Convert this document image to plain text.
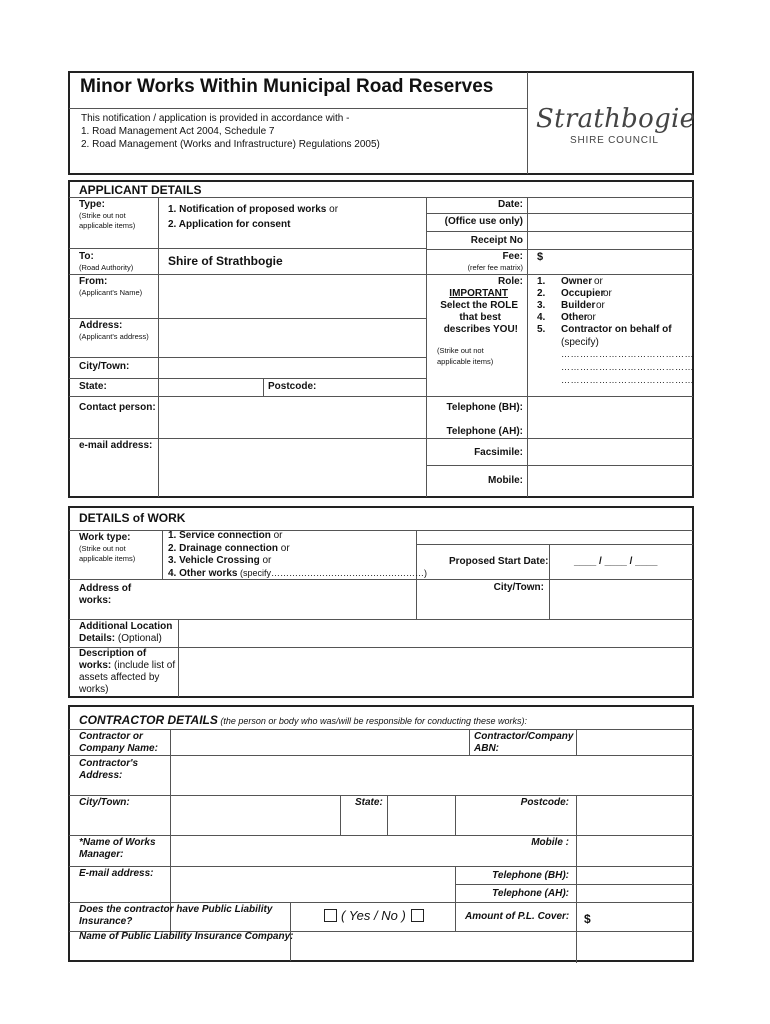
Minor Works Within Municipal Road Reserves
This notification / application is provided in accordance with -
1. Road Management Act 2004, Schedule 7
2. Road Management (Works and Infrastructure) Regulations 2005)
Strathbogie
SHIRE COUNCIL
APPLICANT DETAILS
Type:
(Strike out not
applicable items)
1. Notification of proposed works or
2. Application for consent
Date:
(Office use only)
Receipt No
To:
(Road Authority)	Shire of Strathbogie	Fee:
(refer fee matrix)
$
From:
(Applicant's Name)
Role:
IMPORTANT
Select the ROLE
that best
describes YOU!
(Strike out not
applicable items)
1. Owner or
2. Occupier
or
3. Builder or
4. Other or
5. Contractor on behalf of
(specify)
……………………………………
……………………………………
……………………………………
Address:
(Applicant's address)
City/Town:
State:	Postcode:
Contact person:	Telephone (BH):
Telephone (AH):
e-mail address:
Facsimile:
Mobile:
DETAILS of WORK
Work type:
(Strike out not
applicable items)
1. Service connection or
2. Drainage connection or
3. Vehicle Crossing or
4. Other works (specify……………………………………………)
Proposed Start Date:	____ / ____ / ____
Address of
works:
City/Town:
Additional Location
Details: (Optional)
Description of
works: (include list of
assets affected by
works)
CONTRACTOR DETAILS (the person or body who was/will be responsible for conducting these works):
Contractor or
Company Name:
Contractor/Company
ABN:
Contractor's
Address:
City/Town:	State:	Postcode:
*Name of Works
Manager:
Mobile :
E-mail address:	Telephone (BH):
Telephone (AH):
Does the contractor have Public Liability
Insurance?	( Yes / No )	Amount of P.L. Cover: $
Name of Public Liability Insurance Company:
